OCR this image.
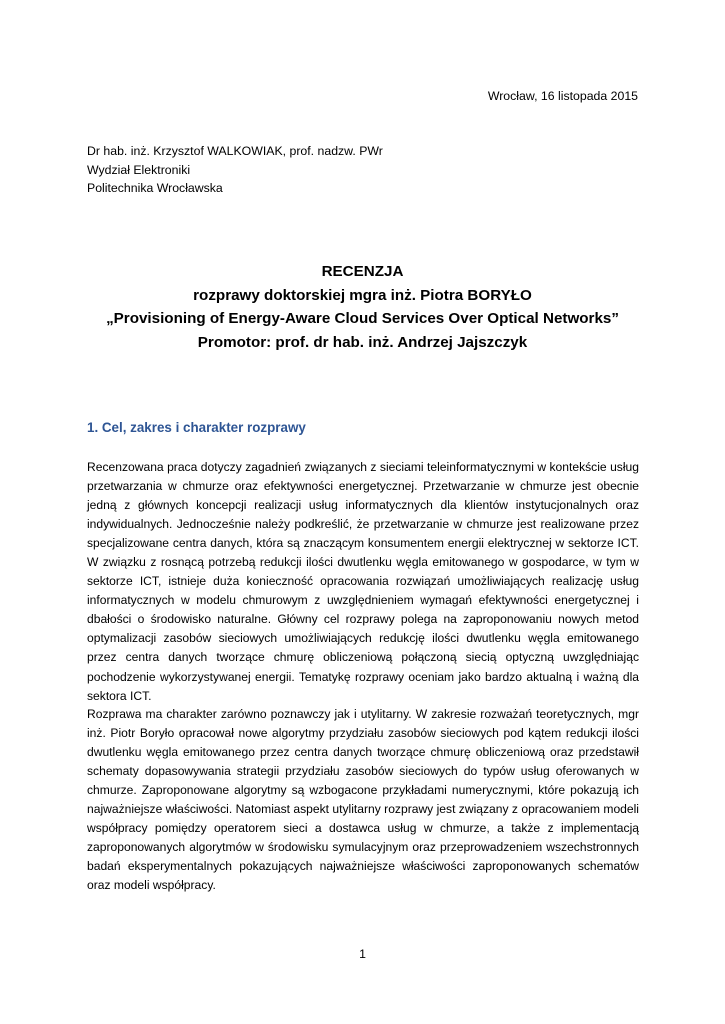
Wrocław, 16 listopada 2015
Dr hab. inż. Krzysztof WALKOWIAK, prof. nadzw. PWr
Wydział Elektroniki
Politechnika Wrocławska
RECENZJA
rozprawy doktorskiej mgra inż. Piotra BORYŁO
„Provisioning of Energy-Aware Cloud Services Over Optical Networks”
Promotor: prof. dr hab. inż. Andrzej Jajszczyk
1. Cel, zakres i charakter rozprawy
Recenzowana praca dotyczy zagadnień związanych z sieciami teleinformatycznymi w kontekście usług przetwarzania w chmurze oraz efektywności energetycznej. Przetwarzanie w chmurze jest obecnie jedną z głównych koncepcji realizacji usług informatycznych dla klientów instytucjonalnych oraz indywidualnych. Jednocześnie należy podkreślić, że przetwarzanie w chmurze jest realizowane przez specjalizowane centra danych, która są znaczącym konsumentem energii elektrycznej w sektorze ICT. W związku z rosnącą potrzebą redukcji ilości dwutlenku węgla emitowanego w gospodarce, w tym w sektorze ICT, istnieje duża konieczność opracowania rozwiązań umożliwiających realizację usług informatycznych w modelu chmurowym z uwzględnieniem wymagań efektywności energetycznej i dbałości o środowisko naturalne. Główny cel rozprawy polega na zaproponowaniu nowych metod optymalizacji zasobów sieciowych umożliwiających redukcję ilości dwutlenku węgla emitowanego przez centra danych tworzące chmurę obliczeniową połączoną siecią optyczną uwzględniając pochodzenie wykorzystywanej energii. Tematykę rozprawy oceniam jako bardzo aktualną i ważną dla sektora ICT.
Rozprawa ma charakter zarówno poznawczy jak i utylitarny. W zakresie rozważań teoretycznych, mgr inż. Piotr Boryło opracował nowe algorytmy przydziału zasobów sieciowych pod kątem redukcji ilości dwutlenku węgla emitowanego przez centra danych tworzące chmurę obliczeniową oraz przedstawił schematy dopasowywania strategii przydziału zasobów sieciowych do typów usług oferowanych w chmurze. Zaproponowane algorytmy są wzbogacone przykładami numerycznymi, które pokazują ich najważniejsze właściwości. Natomiast aspekt utylitarny rozprawy jest związany z opracowaniem modeli współpracy pomiędzy operatorem sieci a dostawca usług w chmurze, a także z implementacją zaproponowanych algorytmów w środowisku symulacyjnym oraz przeprowadzeniem wszechstronnych badań eksperymentalnych pokazujących najważniejsze właściwości zaproponowanych schematów oraz modeli współpracy.
1
